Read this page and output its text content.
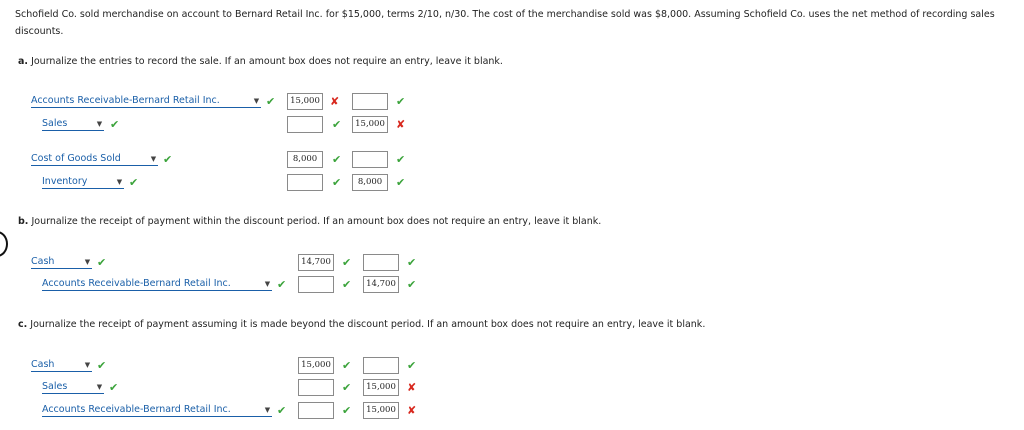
Schofield Co. sold merchandise on account to Bernard Retail Inc. for $15,000, terms 2/10, n/30. The cost of the merchandise sold was $8,000. Assuming Schofield Co. uses the net method of recording sales discounts.
a. Journalize the entries to record the sale. If an amount box does not require an entry, leave it blank.
Accounts Receivable-Bernard Retail Inc.	▼ ✔	15,000 ✘	✔
Sales	▼ ✔	✔	15,000 ✘
Cost of Goods Sold	▼ ✔	8,000	✔	✔
Inventory	▼ ✔	✔	8,000	✔
b. Journalize the receipt of payment within the discount period. If an amount box does not require an entry, leave it blank.
Cash	▼ ✔	14,700 ✔	✔
Accounts Receivable-Bernard Retail Inc.	▼ ✔	✔	14,700 ✔
c. Journalize the receipt of payment assuming it is made beyond the discount period. If an amount box does not require an entry, leave it blank.
Cash	▼ ✔	15,000 ✔	✔
Sales	▼ ✔	✔	15,000 ✘
Accounts Receivable-Bernard Retail Inc.	▼ ✔	✔	15,000 ✘
